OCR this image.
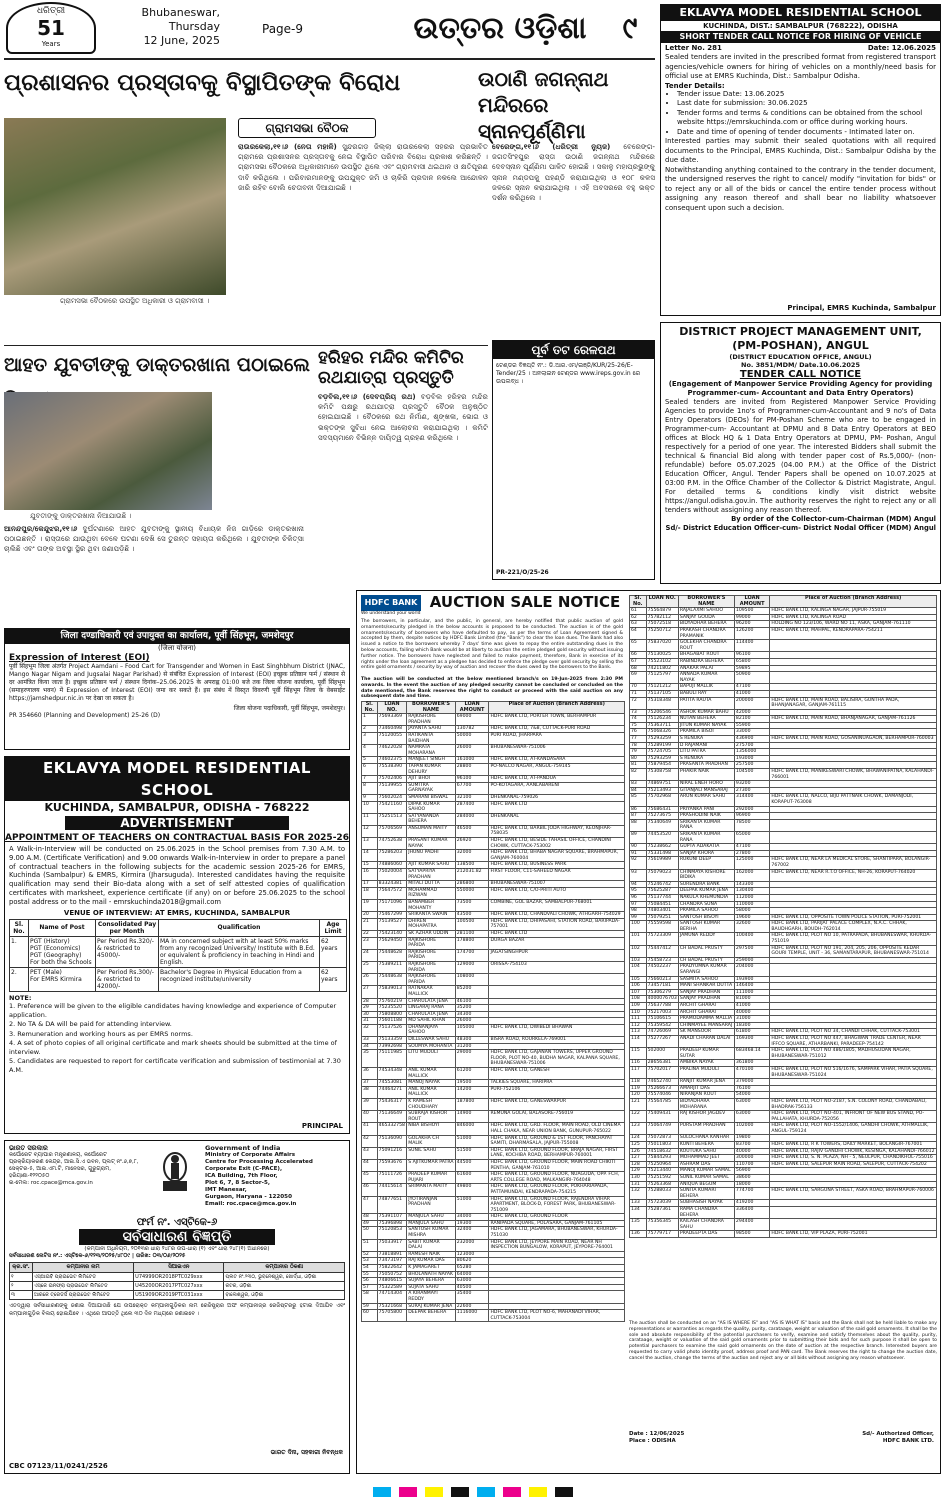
ଧରିତ୍ରୀ
51
Years
Bhubaneswar,
Thursday
12 June, 2025
Page-9	ଉତ୍ତର ଓଡ଼ିଶା	୯
ପ୍ରଶାସନର ପ୍ରସ୍ତାବକୁ ବିସ୍ଥାପିତଙ୍କ ବିରୋଧ
ଗ୍ରାମସଭା ବୈଠକରେ ଉପସ୍ଥିତ ଅଧିକାରୀ ଓ ଗ୍ରାମବାସୀ ।
ଗ୍ରାମସଭା ବୈଠକ
ରାଉରକେଲା,୧୧।୬ (ନେତା ମହାଳି) ସୁନ୍ଦରଗଡ଼ ଜିଲ୍ଲା ରାଉରକେଲା ସହରର ପ୍ରଭାବିତ ଗ୍ରାମରେ ପ୍ରଶାସନର ପ୍ରସ୍ତାବକୁ ନେଇ ବିସ୍ଥାପିତ ପରିବାର ବିରୋଧ ପ୍ରକାଶ କରିଛନ୍ତି । ଗ୍ରାମସଭା ବୈଠକରେ ଅଧିକାରୀମାନେ ଉପସ୍ଥିତ ଥିଲେ ଏବଂ ଗ୍ରାମବାସୀ ଥଇଥାନ ଓ କ୍ଷତିପୂରଣ ଦାବି କରିଥିଲେ । ପରିବାରମାନଙ୍କୁ ଉପଯୁକ୍ତ ଜମି ଓ ଚାକିରି ପ୍ରଦାନ ନକଲେ ଆନ୍ଦୋଳନ ଜାରି ରହିବ ବୋଲି ଚେତାବନୀ ଦିଆଯାଇଛି ।
ଉଠାଣି ଜଗନ୍ନାଥ ମନ୍ଦିରରେ ସ୍ନାନପୂର୍ଣ୍ଣିମା
ବେରେଙ୍ଗ,୧୧।୬ (ଧରିତ୍ରୀ ନ୍ୟୁଜ) ବେରେଙ୍ଗ-ଜଗତସିଂହପୁର ରାସ୍ତା ଉଠାଣି ଜଗନ୍ନାଥ ମନ୍ଦିରରେ ଦେବସ୍ନାନ ପୂର୍ଣ୍ଣିମା ପାଳିତ ହୋଇଛି । ସକାଳୁ ମହାପ୍ରଭୁଙ୍କୁ ସ୍ନାନ ମଣ୍ଡପକୁ ପହଣ୍ଡି କରାଯାଇଥିଲା ଓ ୧୦୮ କଳସ ଜଳରେ ସ୍ନାନ କରାଯାଇଥିଲା । ଏହି ଅବସରରେ ବହୁ ଭକ୍ତ ଦର୍ଶନ କରିଥିଲେ ।
ପୂର୍ବ ତଟ ରେଳପଥ
ଟେଣ୍ଡର ବିଜ୍ଞପ୍ତି ନଂ.: ଡି.ଆର.ଏମ/ଇଞ୍ଜି/KUR/25-26/E-Tender/25 । ଅନଲାଇନ ଟେଣ୍ଡର www.ireps.gov.in ରେ ଉପଲବ୍ଧ ।
PR-221/O/25-26
ଆହତ ଯୁବତୀଙ୍କୁ ଡାକ୍ତରଖାନା ପଠାଇଲେ
ଯୁବତୀଙ୍କୁ ଡାକ୍ତରଖାନା ନିଆଯାଉଛି ।
ଆନନ୍ଦପୁର/କେନ୍ଦୁଝର,୧୧।୬ ଦୁର୍ଘଟଣାରେ ଆହତ ଯୁବତୀଙ୍କୁ ସ୍ଥାନୀୟ ବିଧାୟକ ନିଜ ଗାଡ଼ିରେ ଡାକ୍ତରଖାନା ପଠାଇଛନ୍ତି । ରାସ୍ତାରେ ଯାଉଥିବା ବେଳେ ଘଟଣା ଦେଖି ସେ ତୁରନ୍ତ ସହାୟତା କରିଥିଲେ । ଯୁବତୀଙ୍କ ଚିକିତ୍ସା ଚାଲିଛି ଏବଂ ତାଙ୍କ ଅବସ୍ଥା ସ୍ଥିର ଥିବା ଜଣାପଡ଼ିଛି ।
ହରିହର ମନ୍ଦିର କମିଟିର ରଥଯାତ୍ରା ପ୍ରସ୍ତୁତି
ବଡ଼ବିଲ,୧୧।୬ (ଦେବପ୍ରିୟ ରଥ) ବଡ଼ବିଲ ହରିହର ମନ୍ଦିର କମିଟି ପକ୍ଷରୁ ରଥଯାତ୍ରା ପ୍ରସ୍ତୁତି ବୈଠକ ଅନୁଷ୍ଠିତ ହୋଇଯାଇଛି । ବୈଠକରେ ରଥ ନିର୍ମାଣ, ଶୃଙ୍ଖଳା, ଭୋଗ ଓ ଭକ୍ତଙ୍କ ସୁବିଧା ନେଇ ଆଲୋଚନା କରାଯାଇଥିଲା । କମିଟି ସଦସ୍ୟମାନେ ବିଭିନ୍ନ ଦାୟିତ୍ୱ ଗ୍ରହଣ କରିଥିଲେ ।
जिला दण्डाधिकारी एवं उपायुक्त का कार्यालय, पूर्वी सिंहभूम, जमशेदपुर
(जिला योजना)
Expression of Interest (EOI)
पूर्वी सिंहभूम जिला अंतर्गत Project Aamdani – Food Cart for Transgender and Women in East Singhbhum District (JNAC, Mango Nagar Nigam and Jugsalai Nagar Parishad) से संबंधित Expression of Interest (EOI) इच्छुक प्रतिष्ठान फर्म / संस्थान से दर आमंत्रित किया जाता है। इच्छुक प्रतिष्ठान फर्म / संस्थान दिनांक–25.06.2025 के अपराह्न 01:00 बजे तक जिला योजना कार्यालय, पूर्वी सिंहभूम (समाहरणालय भवन) में Expression of Interest (EOI) जमा कर सकते हैं। इस संबंध में विस्तृत विवरणी पूर्वी सिंहभूम जिला के वेबसाईट https://jamshedpur.nic.in पर देखा जा सकता है।
जिला योजना पदाधिकारी, पूर्वी सिंहभूम, जमशेदपुर।
PR 354660 (Planning and Development) 25-26 (D)
EKLAVYA MODEL RESIDENTIAL SCHOOL
KUCHINDA, SAMBALPUR, ODISHA - 768222
ADVERTISEMENT
APPOINTMENT OF TEACHERS ON CONTRACTUAL BASIS FOR 2025-26
A Walk-in-Interview will be conducted on 25.06.2025 in the School premises from 7.30 A.M. to 9.00 A.M. (Certificate Verification) and 9.00 onwards Walk-in-Interview in order to prepare a panel of contractual teachers in the following subjects for the academic session 2025-26 for EMRS, Kuchinda (Sambalpur) & EMRS, Kirmira (Jharsuguda). Interested candidates having the requisite qualification may send their Bio-data along with a set of self attested copies of qualification certificates with marksheet, experience certificate (if any) on or before 25.06.2025 to the school postal address or to the mail - emrskuchinda2018@gmail.com
VENUE OF INTERVIEW: AT EMRS, KUCHINDA, SAMBALPUR
Sl. No.	Name of Post	Consolidated Pay per Month	Qualification	Age Limit
1.	PGT (History)
PGT (Economics)
PGT (Geography)
For both the Schools	Per Period Rs.320/- & restricted to 45000/-	MA in concerned subject with at least 50% marks from any recognized University/ Institute with B.Ed. or equivalent & proficiency in teaching in Hindi and English.	62 years
2.	PET (Male)
For EMRS Kirmira	Per Period Rs.300/- & restricted to 42000/-	Bachelor's Degree in Physical Education from a recognized institute/university	62 years
NOTE:
1. Preference will be given to the eligible candidates having knowledge and experience of Computer application.
2. No TA & DA will be paid for attending interview.
3. Remuneration and working hours as per EMRS norms.
4. A set of photo copies of all original certificate and mark sheets should be submitted at the time of interview.
5. Candidates are requested to report for certificate verification and submission of testimonial at 7.30 A.M.
PRINCIPAL
ଭାରତ ସରକାର
କର୍ପୋରେଟ ବ୍ୟାପାର ମନ୍ତ୍ରଣାଳୟ, କର୍ପୋରେଟ ପ୍ରକ୍ରିୟାକରଣ କେନ୍ଦ୍ର, ଆଇ.ସି.ଏ ଭବନ, ପ୍ଲଟ୍ ନଂ.୬,୭,୮, ସେକ୍ଟର-୫, ଆଇ.ଏମ.ଟି, ମାନେସର, ଗୁରୁଗ୍ରାମ, ହରିୟାଣା-୧୨୨୦୫୦
ଇ-ମେଲ: roc.cpace@mca.gov.in
Government of India
Ministry of Corporate Affairs
Centre for Processing Accelerated Corporate Exit (C-PACE),
ICA Building, 7th Floor,
Plot 6, 7, 8 Sector-5,
IMT Manesar,
Gurgaon, Haryana - 122050
Email: roc.cpace@mca.gov.in
ଫର୍ମ ନଂ. ଏସ୍‌ଟିକେ-୬
ସର୍ବସାଧାରଣ ବିଜ୍ଞପ୍ତି
(କମ୍ପାନୀ ଅଧିନିୟମ, ୨୦୧୩ର ଧାରା ୨୪୮ର ଉପ-ଧାରା (୧) ଏବଂ ଧାରା ୨୪୮(୧) ଅଧୀନରେ)
ସର୍ବସାଧାରଣ ନୋଟିସ ନଂ.: ଏସ୍‌ଟିକେ-୬/୧୨୩/୨୦୨୫/୪୮୦୯ | ତାରିଖ: ୦୩/୦୬/୨୦୨୫
କ୍ର.ସଂ.	କମ୍ପାନୀର ନାମ	ସିଆଇଏନ	କମ୍ପାନୀର ଠିକଣା
୧	ଏସ୍‌ଆଇବି ପ୍ରାଇଭେଟ ଲିମିଟେଡ	U74999OR2018PTC029xxx	ପ୍ଲଟ ନଂ.୨୩୦, ଭୁବନେଶ୍ୱର, ଖୋର୍ଦ୍ଧା, ଓଡ଼ିଶା
୨	ଏସ୍‌କେ ଇନଫ୍ରା ପ୍ରାଇଭେଟ ଲିମିଟେଡ	U45200OR2017PTC027xxx	କଟକ, ଓଡ଼ିଶା
୩	ଆରକେ ଟ୍ରେଡର୍ସ ପ୍ରାଇଭେଟ ଲିମିଟେଡ	U51909OR2019PTC031xxx	ବାଲେଶ୍ୱର, ଓଡ଼ିଶା
ଏତଦ୍ୱାରା ସର୍ବସାଧାରଣଙ୍କୁ ଜଣାଇ ଦିଆଯାଉଛି ଯେ ଉପରୋକ୍ତ କମ୍ପାନୀଗୁଡ଼ିକର ନାମ ରେଜିଷ୍ଟ୍ରାର ଅଫ କମ୍ପାନୀଜ୍‌ର ରେଜିଷ୍ଟରରୁ ହଟାଇ ଦିଆଯିବ ଏବଂ କମ୍ପାନୀଗୁଡ଼ିକ ବିଲୟ ହୋଇଯିବେ । ଏଥିରେ ଆପତ୍ତି ଥିଲେ ୩୦ ଦିନ ମଧ୍ୟରେ ଜଣାଇବେ ।
ଭାରତ ଦିନା, ସହକାରୀ ନିବନ୍ଧକ
CBC 07123/11/0241/2526
EKLAVYA MODEL RESIDENTIAL SCHOOL
KUCHINDA, DIST.: SAMBALPUR (768222), ODISHA
SHORT TENDER CALL NOTICE FOR HIRING OF VEHICLE
Letter No. 281	Date: 12.06.2025
Sealed tenders are invited in the prescribed format from registered transport agencies/vehicle owners for hiring of vehicles on a monthly/need basis for official use at EMRS Kuchinda, Dist.: Sambalpur Odisha.
Tender Details:
• Tender issue Date: 13.06.2025
• Last date for submission: 30.06.2025
• Tender forms and terms & conditions can be obtained from the school website https://emrskuchinda.com or office during working hours.
• Date and time of opening of tender documents - Intimated later on.
Interested parties may submit their sealed quotations with all required documents to the Principal, EMRS Kuchinda, Dist.: Sambalpur Odisha by the due date.
Notwithstanding anything contained to the contrary in the tender document, the undersigned reserves the right to cancel/ modify "invitation for bids" or to reject any or all of the bids or cancel the entire tender process without assigning any reason thereof and shall bear no liability whatsoever consequent upon such a decision.
Principal, EMRS Kuchinda, Sambalpur
DISTRICT PROJECT MANAGEMENT UNIT, (PM-POSHAN), ANGUL
(DISTRICT EDUCATION OFFICE, ANGUL)
No. 3851/MDM/ Date.10.06.2025
TENDER CALL NOTICE
(Engagement of Manpower Service Providing Agency for providing Programmer-cum- Accountant and Data Entry Operators)
Sealed tenders are invited from Registered Manpower Service Providing Agencies to provide 1no's of Programmer-cum-Accountant and 9 no's of Data Entry Operators (DEOs) for PM-Poshan Scheme who are to be engaged in Programmer-cum- Accountant at DPMU and 8 Data Entry Operators at BEO offices at Block HQ & 1 Data Entry Operators at DPMU, PM- Poshan, Angul respectively for a period of one year. The interested Bidders shall submit the technical & financial Bid along with tender paper cost of Rs.5,000/- (non-refundable) before 05.07.2025 (04.00 P.M.) at the Office of the District Education Officer, Angul. Tender Papers shall be opened on 10.07.2025 at 03:00 P.M. in the Office Chamber of the Collector & District Magistrate, Angul. For detailed terms & conditions kindly visit district website https://angul.odisha.gov.in. The authority reserves the right to reject any or all tenders without assigning any reason thereof.
By order of the Collector-cum-Chairman (MDM) Angul
Sd/- District Education Officer-cum- District Nodal Officer (MDM) Angul
HDFC BANK
We understand your world
AUCTION SALE NOTICE
The borrowers, in particular, and the public, in general, are hereby notified that public auction of gold ornaments/security pledged in the below accounts is proposed to be conducted. The auction is of the gold ornaments/security of borrowers who have defaulted to pay, as per the terms of Loan Agreement signed & accepted by them, despite notices by HDFC Bank Limited (the "Bank") to clear the loan dues. The Bank had also issued a notice to the borrowers whereby 7 days' time was given to repay the entire outstanding dues in the below accounts, failing which Bank would be at liberty to auction the entire pledged gold security without issuing further notice. The borrowers have neglected and failed to make payment, therefore, Bank in exercise of its rights under the loan agreement as a pledgee has decided to enforce the pledge over gold security by selling the entire gold ornaments / security by way of auction and recover the dues owed by the borrowers to the Bank.
The auction will be conducted at the below mentioned branch/s on 19-Jun-2025 from 2:30 PM onwards. In the event the auction of any pledged security cannot be concluded or concluded on the date mentioned, the Bank reserves the right to conduct or proceed with the said auction on any subsequent date and time.
Sl. No.	LOAN NO.	BORROWER'S NAME	LOAN AMOUNT	Place of Auction (Branch Address)
1	75693369	RAJKISHORE PRADHAN	69000	HDFC BANK LTD, PORTER TOWN, BERHAMPUR
2	73460498	JAYANTA SAHU	130782	HDFC BANK LTD, 7&8, CUTTACK-PURI ROAD
3	75120055	RATIKANTA BAIDHAN	50000	PURI ROAD, JHARPARA
4	74622028	NAMRATA MOHARANA	26000	BHUBANESWAR-751006
5	74602375	MANJEET SINGH	161000	HDFC BANK LTD, AT-KANDASARA
6	75538390	TAPAN KUMAR DEHURY	28800	PO-NALCO NAGAR, ANGUL-759145
7	75702406	AJIT BHOI	96100	HDFC BANK LTD, AT-PANDUA
8	75139955	SUMITRA GARNAYAK	67700	PO-KOTAGARA, AANLABARENI
9	75602024	SMARANI BISWAL	32100	DHENKANAL-759026
10	75421160	DIPAK KUMAR SAHOO	287400	HDFC BANK LTD
11	75251513	SATYANANDA BEHERA	284000	DHENKANAL
12	75706569	ANSUMAN MAITY	46500	HDFC BANK LTD, BARBIL JODA HIGHWAY, KEONJHAR-758035
13	74752638	PRASANT KUMAR NAYAK	26920	HDFC BANK LTD, BESIDE TAHASIL OFFICE, CHANDINI CHOWK, CUTTACK-753002
14	75286203	JHUNU PADHI	32000	HDFC BANK LTD, BHABA NAGAR SQUARE, BRAHMAPUR, GANJAM-760004
15	74886060	AJIT KUMAR SAHU	138500	HDFC BANK LTD, BUSINESS PARK
16	75020004	SATYAPRIYA PRADHAN	212031.82	FIRST FLOOR, C11-SAHEED NAGAR
17	83324381	MITALI DUTTA	286800	BHUBANESWAR-751007
18	75647572	MOHAMMAD RIZWAN	550000	HDFC BANK LTD, C/O-PRITI AUTO
19	75171096	BANAMBER MOHANTY	73500	COMBINE, GOL BAZAR, SAMBALPUR-768001
20	75467299	SRIKANTA SWAIN	43500	HDFC BANK LTD, CHANDVALI CHOWK, ATHGARH-754029
21	75139527	DHIREN MOHAPATRA	100500	HDFC BANK LTD, DHIPASAHI, STATION ROAD, BARIPADA-757001
22	75423140	SK AZHAR UDDIN	281100	HDFC BANK LTD
23	75629450	RAJKISHORE PARIDA	178800	DURGA BAZAR
24	75448628	RAJKISHORE PARIDA	174700	JAGATSINGHPUR
25	75389211	RAJKISHORE PARIDA	129000	ORISSA-754103
26	75448638	RAJKISHORE PARIDA	108000	
27	75839013	RATNAKAR MALLICK	85200	
28	75760219	CHARULATA JENA	46100	
29	75235520	LINGARAJ RANA	35200	
30	75808800	CHARULATA JENA	34300	
31	75601188	MD SAHIL KHAN	26000	
32	75137526	DHANANJAYA SAHOO	105000	HDFC BANK LTD, DWIBEDI BHAWAN
33	75133359	DILLESWAR SAHU	48300	BISRA ROAD, ROURKELA-769001
34	73992698	SOUMYA MOHANTA	31200	
35	75111985	LITU MUDULI	29000	HDFC BANK LTD, GAJANAN TOWERS, UPPER GROUND FLOOR, PLOT NO-40, BUDHA NAGAR, KALPANA SQUARE, BHUBANESWAR-751006
36	74534348	ANIL KUMAR MALLICK	61200	HDFC BANK LTD, GANESH
37	74553081	MANOJ NAYAK	19500	TALKIES SQUARE, HARIPRA
38	74464271	ANIL KUMAR MALLICK	14200	PURI-752106
39	75436317	K RAMESH CHOUDHARY	187800	HDFC BANK LTD, GANESWARPUR
40	75136649	SUBRAJA KISHOR ROUT	14900	REMUNA GOLAI, BALASORE-756019
41	465332758	NIBA BISHOYI	846000	HDFC BANK LTD, GRD. FLOOR, MAIN ROAD, OLD CINEMA HALL CHAKA, NEAR UNION BANK, GUNUPUR-765022
42	75136090	GOLAKHA CH MALIK	51000	HDFC BANK LTD, GROUND & 1ST FLOOR, PANCHAYAT SAMITI, DHARMASALA, JAJPUR-755008
43	75091216	SUNIL SAHU	51500	HDFC BANK LTD, GROUND FLOOR, BRAJA NAGAR, FIRST LANE, KOCHIBA ROAD, BERHAMPUR-760001
44	75593676	S AJITKUMAR PATRA	44500	HDFC BANK LTD, GROUND FLOOR, MAIN ROAD CHIKITI PENTHA, GANJAM-761010
45	75111726	PRADEEP KUMAR PUJARI	61600	HDFC BANK LTD, GROUND FLOOR, NUAGUDA, OPP. FCH, ARTS COLLEGE ROAD, MALKANGIRI-764048
46	74415614	SRIMANTA MAITY	49800	HDFC BANK LTD, GROUND FLOOR, POKHARIAPADA, PATTAMUNDAI, KENDRAPADA-754215
47	74877651	JYOTIRANJAN PRADHAN	51000	HDFC BANK LTD, GROUND FLOOR, RAJENDRA VIHAR APARTMENT, BLOCK-D, FOREST PARK, BHUBANESWAR-751009
48	75391107	MANJULA SAHU	34000	HDFC BANK LTD, GROUND FLOOR
49	75396898	MANJULA SAHU	19300	RANIPADA SQUARE, POLASARA, GANJAM-761105
50	75120853	SANTOSH KUMAR MISHRA	32400	HDFC BANK LTD, JAGAMARA, BHUBANESWAR, KHURDA-751030
51	75033917	SABIT KUMAR DALAI	232000	HDFC BANK LTD, JEYPORE MAIN ROAD, NEAR NH INSPECTION BUNGALOW, KORAPUT, JEYPORE-764001
52	73818891	RAMESH NAIK	123000	
53	73473197	RAJ KUMAR DAS	80620	
54	75822642	K JAMAGARET	65280	
55	75050752	BHOLANATH NAYAK	64000	
56	74806615	SUJAYA BEHERA	63000	
57	75322589	SUJATA SAHU	40500	
58	74714304	A KIRANMAYI REDDY	35400	
59	75321668	SURAJ KUMAR JENA	22600	
60	75705800	DEEPAK BEHERA	1116000	HDFC BANK LTD, PLOT NO-6, MAHANADI VIHAR, CUTTACK-753004
Sl. No.	LOAN NO.	BORROWER'S NAME	LOAN AMOUNT	Place of Auction (Branch Address)
61	75564879	RAJALAXMI SAHOO	109500	HDFC BANK LTD, KALINGA NAGAR, JAJPUR-755019
62	75782112	SANJAY GOUDA	99000	HDFC BANK LTD, KALINGA ROAD
63	75072518	BIDYADHAR BEHERA	96200	HOLDING NO 123/106, WARD NO 11, ASKA, GANJAM-761110
64	75250712	PRAKASH CHANDRA PRAMANIK	126200	HDFC BANK LTD, MAHPAL, KENDRAPARA-754211
65	75837020	GOLEKHA CHANDRA ROUT	114400	
66	75130025	BHAGABAT ROUT	96100	
67	75523102	RABINDRA BEHERA	65800	
68	74211802	ANAKAR PALAI	59895	
69	75125797	ANNADA KUMAR NAYAK	50900	
70	75121212	BAPUJI MALLIK	47100	
71	75137105	BABULI RAY	41000	
72	75318348	PATITA RAUTA	200000	HDFC BANK LTD, MAIN ROAD, BALISIRA, GUNTHA PADA, BHANJANAGAR, GANJAM-761115
73	75206546	ASHOK KUMAR BAHU	42000	
74	75126234	NUTAN BEHERA	82100	HDFC BANK LTD, MAIN ROAD, BHANJANAGAR, GANJAM-761126
75	75363711	JITUN KUMAR NAYAK	55900	
76	75068326	PRAMILA BISOI	33000	
77	75293259	S RENUKA	436900	HDFC BANK LTD, MAIN ROAD, GOSANINUAGAON, BERHAMPUR-760003
78	75289199	D RAJAMANI	275700	
79	75724705	LITU PATRA	1356000	
80	75293259	S RENUKA	193000	
81	75879454	PRASANTA PRADHAN	257500	
82	75308758	PHAKIR NAIK	104500	HDFC BANK LTD, MANIKESWARI CHOWK, BHAWANIPATNA, KALAHANDI-766001
83	74869751	NIRAL ENEH HORO	93200	
84	75213493	GITANJALI MANSARAJ	27300	
85	75702968	ARUN KUMAR SAHU	314400	HDFC BANK LTD, NALCO, BIJU PATTNAIK CHOWK, DAMANJODI, KORAPUT-763008
86	75686431	PRIYANKA PANI	292000	
87	75273675	PRASHODINI NAIK	96900	
88	75340649	SRIKANTA KUMAR RANA	78500	
89	74453520	SRIKANTA KUMAR RANA	65000	
90	75238662	GUPTA ADAKATIA	47100	
91	75331498	SANJAY KHORA	27800	
92	75619989	RUKUNI DEEP	125000	HDFC BANK LTD, NEAR LA MEDICAL STORE, SHANTIPARA, BOLANGIR-767002
93	75079023	CHINMAYA KISHORE BIDIKA	162000	HDFC BANK LTD, NEAR R.T.O OFFICE, NH-26, KORAPUT-764020
94	75246742	SURENDRA BANK	143300	
95	75625287	DEEPAK KUMAR JENA	130400	
96	75137744	NAKULA KHEMUNDIA	112000	
97	75084451	CHANDRA SUNA	110000	
98	74803401	PRAMILA SAHOO	58000	
99	75079251	SANTOSH BISOYI	19600	HDFC BANK LTD, OPPOSITE TOWN POLICE STATION, PURI-752001
100	75559598	SANTOSH KUMAR BERIHA	32600	HDFC BANK LTD, PARIJAT PALACE COMPLEX, N.A.C. CHHAK, BAUDHGARH, BOUDH-762014
101	75723309	JAMUNA REDDY	100400	HDFC BANK LTD, PLOT NO 10, PATRAPADA, BHUBANESWAR, KHURDA-751019
102	75447412	CH BADAL PRUSTY	297500	HDFC BANK LTD, PLOT NO 191, 204, 205, 206, OPPOSITE KEDAR GOURI TEMPLE, UNIT - 36, SAMANTARAPUR, BHUBANESWAR-751014
103	75458723	CH BADAL PRUSTY	259000	
104	74502237	PRADYUMNA KUMAR SARANGI	204000	
105	75660213	SASMITA SAHOO	193900	
106	73457181	MANI SHANKAR DUTTA	146400	
107	75306279	SANJAY PRADHAN	111000	
108	4000076703	SANJAY PRADHAN	81000	
109	75637788	ARCHIT GHARAI	41000	
110	75217003	ARCHIT GHARAI	40000	
111	75106615	PRAMODAMMA MALLIA	31000	
112	75359542	CHINMAYEE MANSARAJ	18300	
113	74726069	SK MANSOOR	61800	HDFC BANK LTD, PLOT NO 34, CHANDI CHHAK, CUTTACK-753001
114	75277267	ANADI CHARAN DALAI	169300	HDFC BANK LTD, PLOT NO 447, BHAGWAN TRADE CENTER, NEAR IFFCO SQUARE, ATHARBANKI, PARADEEP-754142
115	502000	PRADEEP KUMAR SUTAR	683468.14	HDFC BANK LTD, PLOT NO 486/1805, MADHUSUDAN NAGAR, BHUBANESWAR-751012
116	28656381	AMBIKA NAYAK	361800	
117	75702017	PRALINA MUDULI	470100	HDFC BANK LTD, PLOT NO 516/1676, SAMPARK VIHAR, PATIA SQUARE, BHUBANESWAR-751024
118	74652740	RANJIT KUMAR JENA	379000	
119	75266673	AMARJIT DAS	76100	
120	75574046	NIRANJAN ROUT	54000	
121	75564785	BIDYADHARA MOHARANA	63000	HDFC BANK LTD, PLOT NO-2187, S.N. COLONY ROAD, CHANDABALI, BHADRAK-756133
122	75409431	RAJ KISHOR JAGDEV	63000	HDFC BANK LTD, PLOT NO-401, INFRONT OF NEW BUS STAND, PO-PALLAHATA, KHURDA-752056
123	75064749	PURSTAM PRADHAN	102000	HDFC BANK LTD, PLOT NO-1552/1406, GANDHI CHOWK, ATHMALLIK, ANGUL-759124
124	75072873	SULOCHANA KANHAR	19800	
125	75011803	KUNTI BEHERA	83700	HDFC BANK LTD, R K TOWERS, DAILY MARKET, BOLANGIR-767001
126	74518632	KOUTUKA SAHU	40000	HDFC BANK LTD, RAJIV GANDHI CHOWK, KESINGA, KALAHANDI-766012
127	75844293	MOHAMMAD JEET	300000	HDFC BANK LTD, S. N. PLAZA, NH - 5, NEULPUR, CHANDIKHOL-755016
128	75250964	ASHRAM DAS	110700	HDFC BANK LTD, SALEPUR MAIN ROAD, SALEPUR, CUTTACK-754202
129	75213440	MANOJ KUMAR SAMAL	56900	
130	75251592	SUNIL KUMAR SAMAL	38600	
131	75263368	ANIQUA BEGUM	18000	
132	75288033	SUNITA KUMARI BEHERA	774700	HDFC BANK LTD, SARGUNA STREET, ASKA ROAD, BRAHMAPUR-760006
133	75723039	SUBHASISH NAYAK	419200	
134	75287361	RAMA CHANDRA BEHERA	336400	
135	75356345	KAILASH CHANDRA SAHU	294400	
136	75779717	PRADEEPTA DAS	98500	HDFC BANK LTD, VIP PLAZA, PURI-752001
The auction shall be conducted on an "AS IS WHERE IS" and "AS IS WHAT IS" basis and the Bank shall not be held liable to make any representations or warranties as regards the quality, purity, carataage, weight or valuation of the said gold ornaments. It shall be the sole and absolute responsibility of the potential purchasers to verify, examine and satisfy themselves about the quality, purity, carataage, weight or valuation of the said gold ornaments prior to submitting their bids and for such purpose it shall be open to potential purchasers to examine the said gold ornaments on the date of auction at the respective branch. Interested buyers are requested to carry valid photo identity proof, address proof and PAN card. The Bank reserves the right to change the auction date, cancel the auction, change the terms of the auction and reject any or all bids without assigning any reason whatsoever.
Date : 12/06/2025
Place : ODISHA
Sd/- Authorized Officer,
HDFC BANK LTD.
